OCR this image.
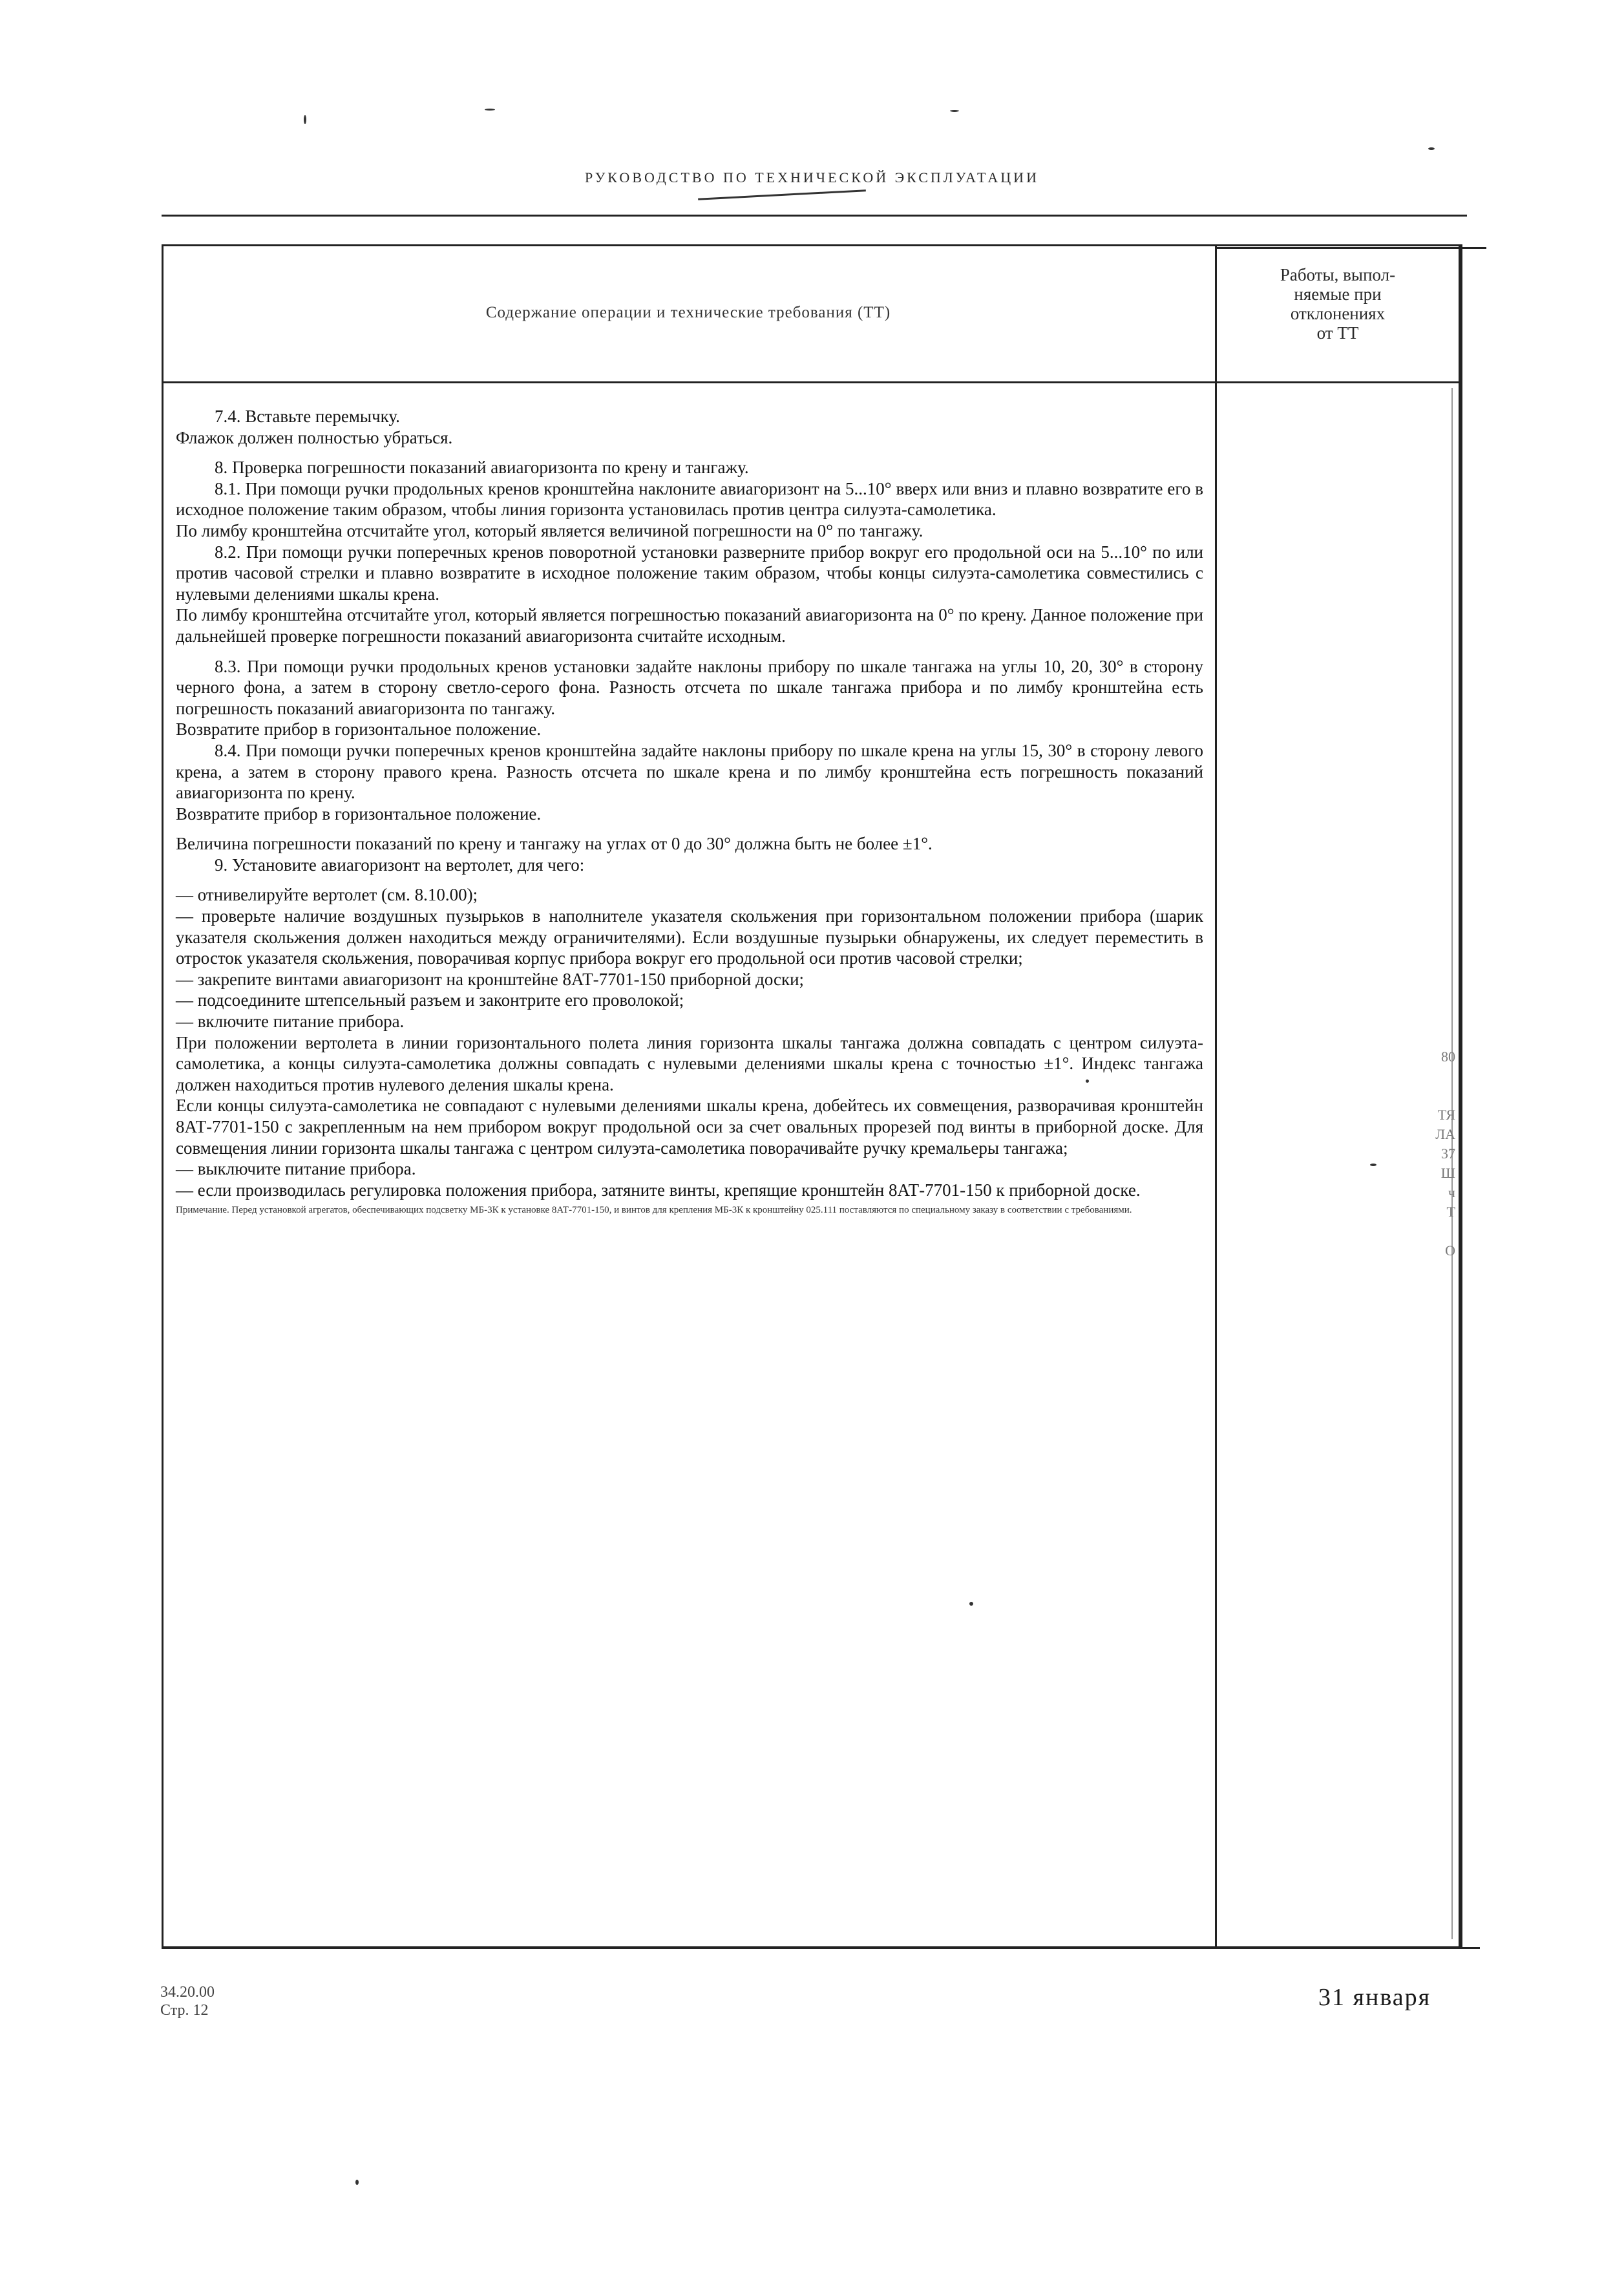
РУКОВОДСТВО ПО ТЕХНИЧЕСКОЙ ЭКСПЛУАТАЦИИ
Содержание операции и технические требования (ТТ)
Работы, выпол-
няемые при
отклонениях
от ТТ

7.4. Вставьте перемычку.

Флажок должен полностью убраться.

8. Проверка погрешности показаний авиагоризонта по крену и тангажу.

8.1. При помощи ручки продольных кренов кронштейна наклоните авиагоризонт на 5...10° вверх или вниз и плавно возвратите его в исходное положение таким образом, чтобы линия горизонта установилась против центра силуэта-самолетика.

По лимбу кронштейна отсчитайте угол, который является величиной погрешности на 0° по тангажу.

8.2. При помощи ручки поперечных кренов поворотной установки разверните прибор вокруг его продольной оси на 5...10° по или против часовой стрелки и плавно возвратите в исходное положение таким образом, чтобы концы силуэта-самолетика совместились с нулевыми делениями шкалы крена.

По лимбу кронштейна отсчитайте угол, который является погрешностью показаний авиагоризонта на 0° по крену. Данное положение при дальнейшей проверке погрешности показаний авиагоризонта считайте исходным.

8.3. При помощи ручки продольных кренов установки задайте наклоны прибору по шкале тангажа на углы 10, 20, 30° в сторону черного фона, а затем в сторону светло-серого фона. Разность отсчета по шкале тангажа прибора и по лимбу кронштейна есть погрешность показаний авиагоризонта по тангажу.

Возвратите прибор в горизонтальное положение.

8.4. При помощи ручки поперечных кренов кронштейна задайте наклоны прибору по шкале крена на углы 15, 30° в сторону левого крена, а затем в сторону правого крена. Разность отсчета по шкале крена и по лимбу кронштейна есть погрешность показаний авиагоризонта по крену.

Возвратите прибор в горизонтальное положение.

Величина погрешности показаний по крену и тангажу на углах от 0 до 30° должна быть не более ±1°.

9. Установите авиагоризонт на вертолет, для чего:

— отнивелируйте вертолет (см. 8.10.00);

— проверьте наличие воздушных пузырьков в наполнителе указателя скольжения при горизонтальном положении прибора (шарик указателя скольжения должен находиться между ограничителями). Если воздушные пузырьки обнаружены, их следует переместить в отросток указателя скольжения, поворачивая корпус прибора вокруг его продольной оси против часовой стрелки;

— закрепите винтами авиагоризонт на кронштейне 8АТ-7701-150 приборной доски;

— подсоедините штепсельный разъем и законтрите его проволокой;

— включите питание прибора.

При положении вертолета в линии горизонтального полета линия горизонта шкалы тангажа должна совпадать с центром силуэта-самолетика, а концы силуэта-самолетика должны совпадать с нулевыми делениями шкалы крена с точностью ±1°. Индекс тангажа должен находиться против нулевого деления шкалы крена.

Если концы силуэта-самолетика не совпадают с нулевыми делениями шкалы крена, добейтесь их совмещения, разворачивая кронштейн 8АТ-7701-150 с закрепленным на нем прибором вокруг продольной оси за счет овальных прорезей под винты в приборной доске. Для совмещения линии горизонта шкалы тангажа с центром силуэта-самолетика поворачивайте ручку кремальеры тангажа;

— выключите питание прибора.

— если производилась регулировка положения прибора, затяните винты, крепящие кронштейн 8АТ-7701-150 к приборной доске.

Примечание. Перед установкой агрегатов, обеспечивающих подсветку МБ-3К к установке 8АТ-7701-150, и винтов для крепления МБ-3К к кронштейну 025.111 поставляются по специальному заказу в соответствии с требованиями.

80
ТЯ
ЛА
37
Ш
ч
Т
О
34.20.00
Стр. 12	31 января
